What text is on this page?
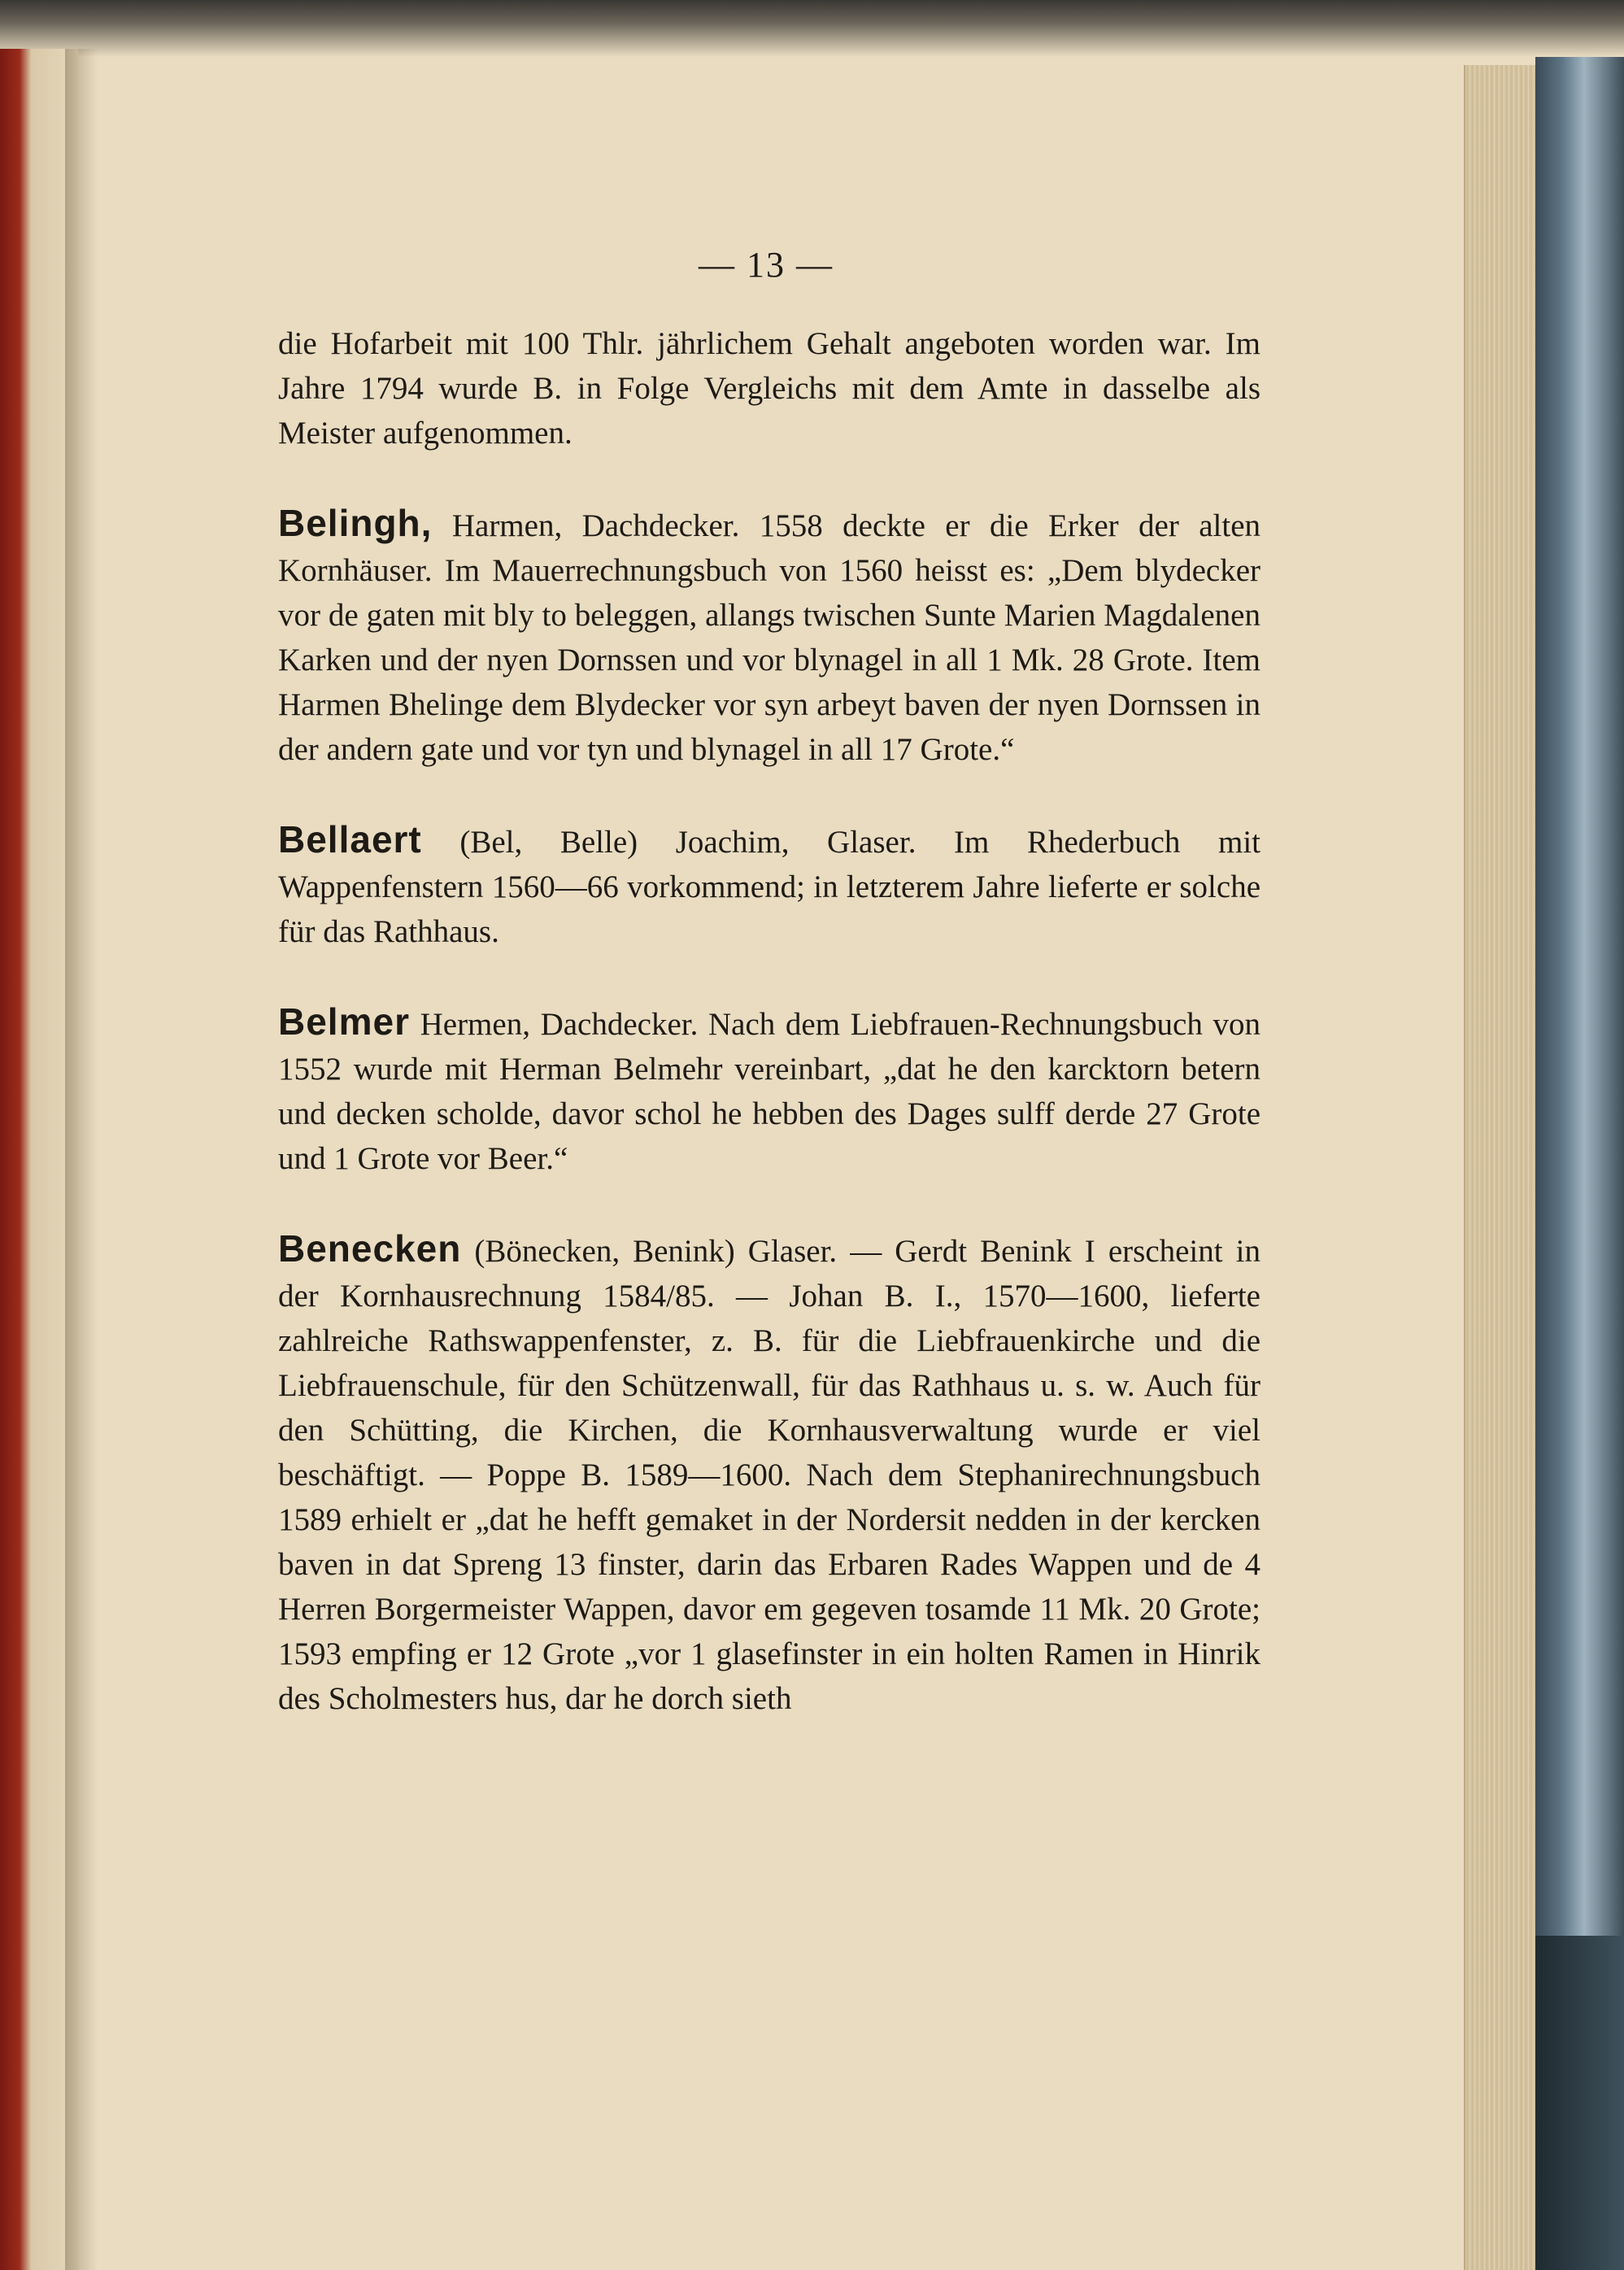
— 13 —

die Hofarbeit mit 100 Thlr. jährlichem Gehalt angeboten worden war. Im Jahre 1794 wurde B. in Folge Vergleichs mit dem Amte in dasselbe als Meister aufgenommen.

Belingh, Harmen, Dachdecker. 1558 deckte er die Erker der alten Kornhäuser. Im Mauerrechnungsbuch von 1560 heisst es: „Dem blydecker vor de gaten mit bly to beleggen, allangs twischen Sunte Marien Magdalenen Karken und der nyen Dornssen und vor blynagel in all 1 Mk. 28 Grote. Item Harmen Bhelinge dem Blydecker vor syn arbeyt baven der nyen Dornssen in der andern gate und vor tyn und blynagel in all 17 Grote.“

Bellaert (Bel, Belle) Joachim, Glaser. Im Rhederbuch mit Wappenfenstern 1560—66 vorkommend; in letzterem Jahre lieferte er solche für das Rathhaus.

Belmer Hermen, Dachdecker. Nach dem Liebfrauen-Rechnungsbuch von 1552 wurde mit Herman Belmehr vereinbart, „dat he den karcktorn betern und decken scholde, davor schol he hebben des Dages sulff derde 27 Grote und 1 Grote vor Beer.“

Benecken (Bönecken, Benink) Glaser. — Gerdt Benink I erscheint in der Kornhausrechnung 1584/85. — Johan B. I., 1570—1600, lieferte zahlreiche Rathswappenfenster, z. B. für die Liebfrauenkirche und die Liebfrauenschule, für den Schützenwall, für das Rathhaus u. s. w. Auch für den Schütting, die Kirchen, die Kornhausverwaltung wurde er viel beschäftigt. — Poppe B. 1589—1600. Nach dem Stephanirechnungsbuch 1589 erhielt er „dat he hefft gemaket in der Nordersit nedden in der kercken baven in dat Spreng 13 finster, darin das Erbaren Rades Wappen und de 4 Herren Borgermeister Wappen, davor em gegeven tosamde 11 Mk. 20 Grote; 1593 empfing er 12 Grote „vor 1 glasefinster in ein holten Ramen in Hinrik des Scholmesters hus, dar he dorch sieth
